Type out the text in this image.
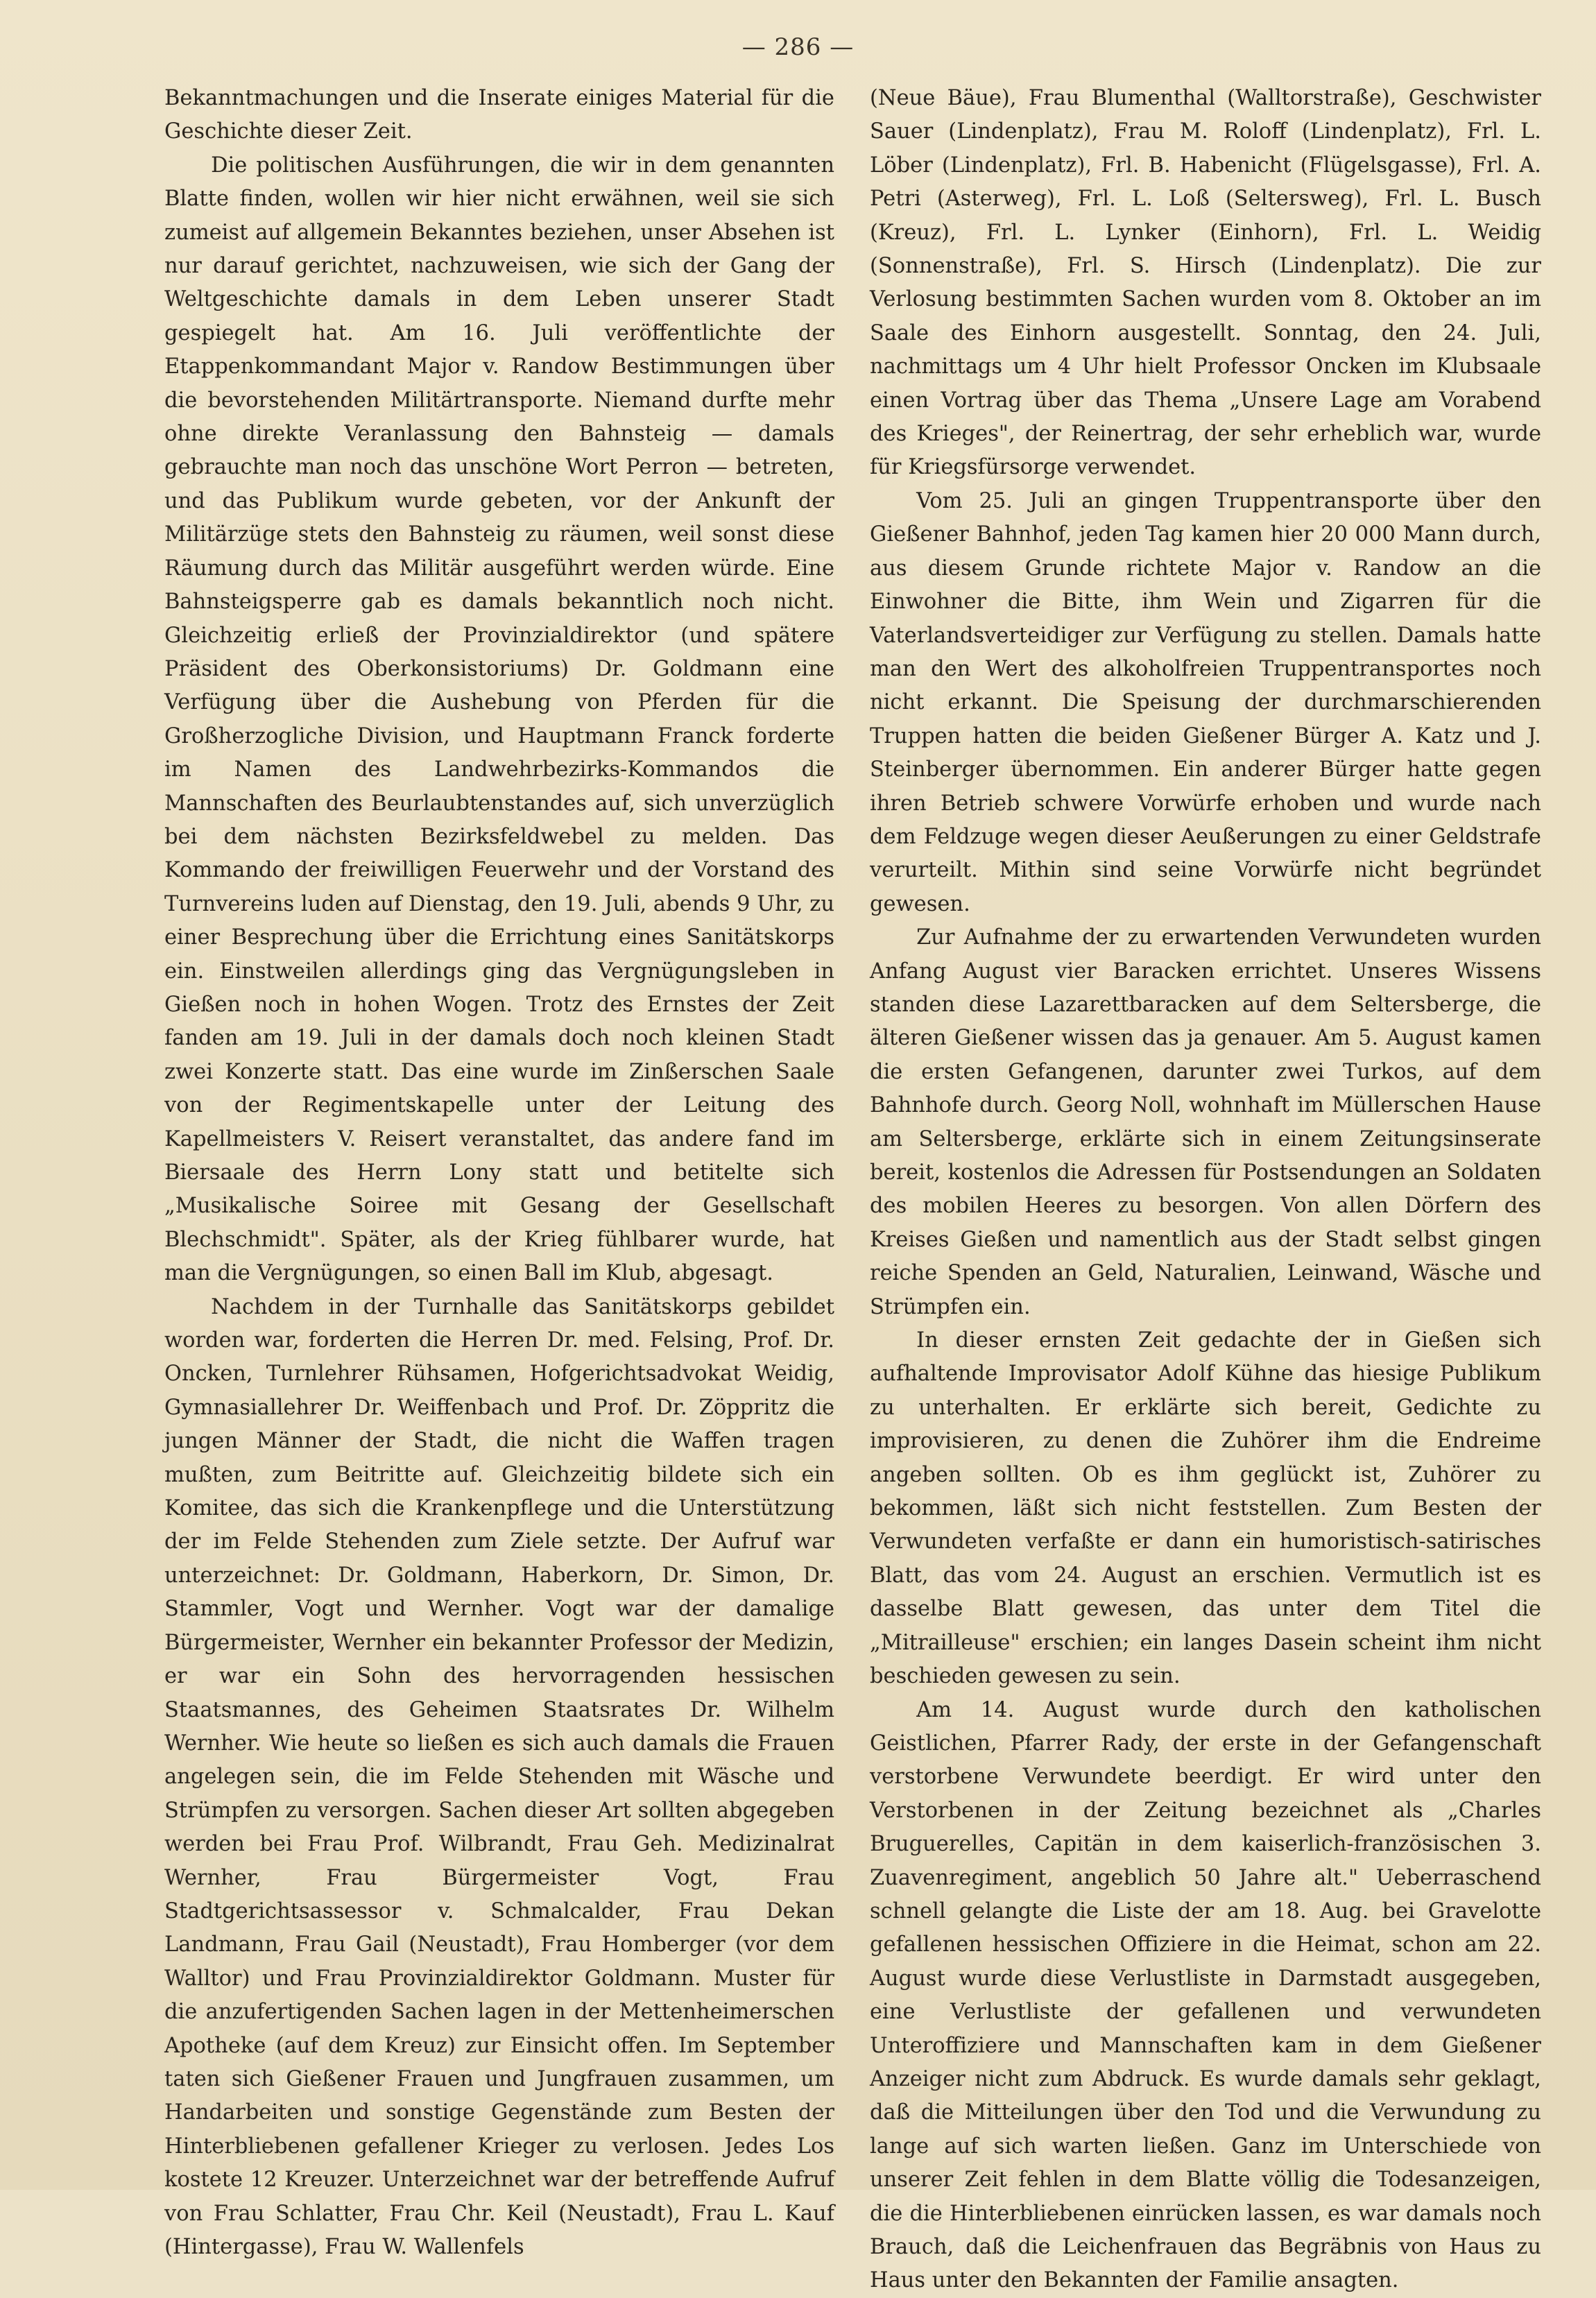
— 286 —

Bekanntmachungen und die Inserate einiges Material für die Geschichte dieser Zeit.

Die politischen Ausführungen, die wir in dem genannten Blatte finden, wollen wir hier nicht erwähnen, weil sie sich zumeist auf allgemein Bekanntes beziehen, unser Absehen ist nur darauf gerichtet, nachzuweisen, wie sich der Gang der Weltgeschichte damals in dem Leben unserer Stadt gespiegelt hat. Am 16. Juli veröffentlichte der Etappenkommandant Major v. Randow Bestimmungen über die bevorstehenden Militärtransporte. Niemand durfte mehr ohne direkte Veranlassung den Bahnsteig — damals gebrauchte man noch das unschöne Wort Perron — betreten, und das Publikum wurde gebeten, vor der Ankunft der Militärzüge stets den Bahnsteig zu räumen, weil sonst diese Räumung durch das Militär ausgeführt werden würde. Eine Bahnsteigsperre gab es damals bekanntlich noch nicht. Gleichzeitig erließ der Provinzialdirektor (und spätere Präsident des Oberkonsistoriums) Dr. Goldmann eine Verfügung über die Aushebung von Pferden für die Großherzogliche Division, und Hauptmann Franck forderte im Namen des Landwehrbezirks-Kommandos die Mannschaften des Beurlaubtenstandes auf, sich unverzüglich bei dem nächsten Bezirksfeldwebel zu melden. Das Kommando der freiwilligen Feuerwehr und der Vorstand des Turnvereins luden auf Dienstag, den 19. Juli, abends 9 Uhr, zu einer Besprechung über die Errichtung eines Sanitätskorps ein. Einstweilen allerdings ging das Vergnügungsleben in Gießen noch in hohen Wogen. Trotz des Ernstes der Zeit fanden am 19. Juli in der damals doch noch kleinen Stadt zwei Konzerte statt. Das eine wurde im Zinßerschen Saale von der Regimentskapelle unter der Leitung des Kapellmeisters V. Reisert veranstaltet, das andere fand im Biersaale des Herrn Lony statt und betitelte sich „Musikalische Soiree mit Gesang der Gesellschaft Blechschmidt". Später, als der Krieg fühlbarer wurde, hat man die Vergnügungen, so einen Ball im Klub, abgesagt.

Nachdem in der Turnhalle das Sanitätskorps gebildet worden war, forderten die Herren Dr. med. Felsing, Prof. Dr. Oncken, Turnlehrer Rühsamen, Hofgerichtsadvokat Weidig, Gymnasiallehrer Dr. Weiffenbach und Prof. Dr. Zöppritz die jungen Männer der Stadt, die nicht die Waffen tragen mußten, zum Beitritte auf. Gleichzeitig bildete sich ein Komitee, das sich die Krankenpflege und die Unterstützung der im Felde Stehenden zum Ziele setzte. Der Aufruf war unterzeichnet: Dr. Goldmann, Haberkorn, Dr. Simon, Dr. Stammler, Vogt und Wernher. Vogt war der damalige Bürgermeister, Wernher ein bekannter Professor der Medizin, er war ein Sohn des hervorragenden hessischen Staatsmannes, des Geheimen Staatsrates Dr. Wilhelm Wernher. Wie heute so ließen es sich auch damals die Frauen angelegen sein, die im Felde Stehenden mit Wäsche und Strümpfen zu versorgen. Sachen dieser Art sollten abgegeben werden bei Frau Prof. Wilbrandt, Frau Geh. Medizinalrat Wernher, Frau Bürgermeister Vogt, Frau Stadtgerichtsassessor v. Schmalcalder, Frau Dekan Landmann, Frau Gail (Neustadt), Frau Homberger (vor dem Walltor) und Frau Provinzialdirektor Goldmann. Muster für die anzufertigenden Sachen lagen in der Mettenheimerschen Apotheke (auf dem Kreuz) zur Einsicht offen. Im September taten sich Gießener Frauen und Jungfrauen zusammen, um Handarbeiten und sonstige Gegenstände zum Besten der Hinterbliebenen gefallener Krieger zu verlosen. Jedes Los kostete 12 Kreuzer. Unterzeichnet war der betreffende Aufruf von Frau Schlatter, Frau Chr. Keil (Neustadt), Frau L. Kauf (Hintergasse), Frau W. Wallenfels

(Neue Bäue), Frau Blumenthal (Walltorstraße), Geschwister Sauer (Lindenplatz), Frau M. Roloff (Lindenplatz), Frl. L. Löber (Lindenplatz), Frl. B. Habenicht (Flügelsgasse), Frl. A. Petri (Asterweg), Frl. L. Loß (Seltersweg), Frl. L. Busch (Kreuz), Frl. L. Lynker (Einhorn), Frl. L. Weidig (Sonnenstraße), Frl. S. Hirsch (Lindenplatz). Die zur Verlosung bestimmten Sachen wurden vom 8. Oktober an im Saale des Einhorn ausgestellt. Sonntag, den 24. Juli, nachmittags um 4 Uhr hielt Professor Oncken im Klubsaale einen Vortrag über das Thema „Unsere Lage am Vorabend des Krieges", der Reinertrag, der sehr erheblich war, wurde für Kriegsfürsorge verwendet.

Vom 25. Juli an gingen Truppentransporte über den Gießener Bahnhof, jeden Tag kamen hier 20 000 Mann durch, aus diesem Grunde richtete Major v. Randow an die Einwohner die Bitte, ihm Wein und Zigarren für die Vaterlandsverteidiger zur Verfügung zu stellen. Damals hatte man den Wert des alkoholfreien Truppentransportes noch nicht erkannt. Die Speisung der durchmarschierenden Truppen hatten die beiden Gießener Bürger A. Katz und J. Steinberger übernommen. Ein anderer Bürger hatte gegen ihren Betrieb schwere Vorwürfe erhoben und wurde nach dem Feldzuge wegen dieser Aeußerungen zu einer Geldstrafe verurteilt. Mithin sind seine Vorwürfe nicht begründet gewesen.

Zur Aufnahme der zu erwartenden Verwundeten wurden Anfang August vier Baracken errichtet. Unseres Wissens standen diese Lazarettbaracken auf dem Seltersberge, die älteren Gießener wissen das ja genauer. Am 5. August kamen die ersten Gefangenen, darunter zwei Turkos, auf dem Bahnhofe durch. Georg Noll, wohnhaft im Müllerschen Hause am Seltersberge, erklärte sich in einem Zeitungsinserate bereit, kostenlos die Adressen für Postsendungen an Soldaten des mobilen Heeres zu besorgen. Von allen Dörfern des Kreises Gießen und namentlich aus der Stadt selbst gingen reiche Spenden an Geld, Naturalien, Leinwand, Wäsche und Strümpfen ein.

In dieser ernsten Zeit gedachte der in Gießen sich aufhaltende Improvisator Adolf Kühne das hiesige Publikum zu unterhalten. Er erklärte sich bereit, Gedichte zu improvisieren, zu denen die Zuhörer ihm die Endreime angeben sollten. Ob es ihm geglückt ist, Zuhörer zu bekommen, läßt sich nicht feststellen. Zum Besten der Verwundeten verfaßte er dann ein humoristisch-satirisches Blatt, das vom 24. August an erschien. Vermutlich ist es dasselbe Blatt gewesen, das unter dem Titel die „Mitrailleuse" erschien; ein langes Dasein scheint ihm nicht beschieden gewesen zu sein.

Am 14. August wurde durch den katholischen Geistlichen, Pfarrer Rady, der erste in der Gefangenschaft verstorbene Verwundete beerdigt. Er wird unter den Verstorbenen in der Zeitung bezeichnet als „Charles Bruguerelles, Capitän in dem kaiserlich-französischen 3. Zuavenregiment, angeblich 50 Jahre alt." Ueberraschend schnell gelangte die Liste der am 18. Aug. bei Gravelotte gefallenen hessischen Offiziere in die Heimat, schon am 22. August wurde diese Verlustliste in Darmstadt ausgegeben, eine Verlustliste der gefallenen und verwundeten Unteroffiziere und Mannschaften kam in dem Gießener Anzeiger nicht zum Abdruck. Es wurde damals sehr geklagt, daß die Mitteilungen über den Tod und die Verwundung zu lange auf sich warten ließen. Ganz im Unterschiede von unserer Zeit fehlen in dem Blatte völlig die Todesanzeigen, die die Hinterbliebenen einrücken lassen, es war damals noch Brauch, daß die Leichenfrauen das Begräbnis von Haus zu Haus unter den Bekannten der Familie ansagten.
